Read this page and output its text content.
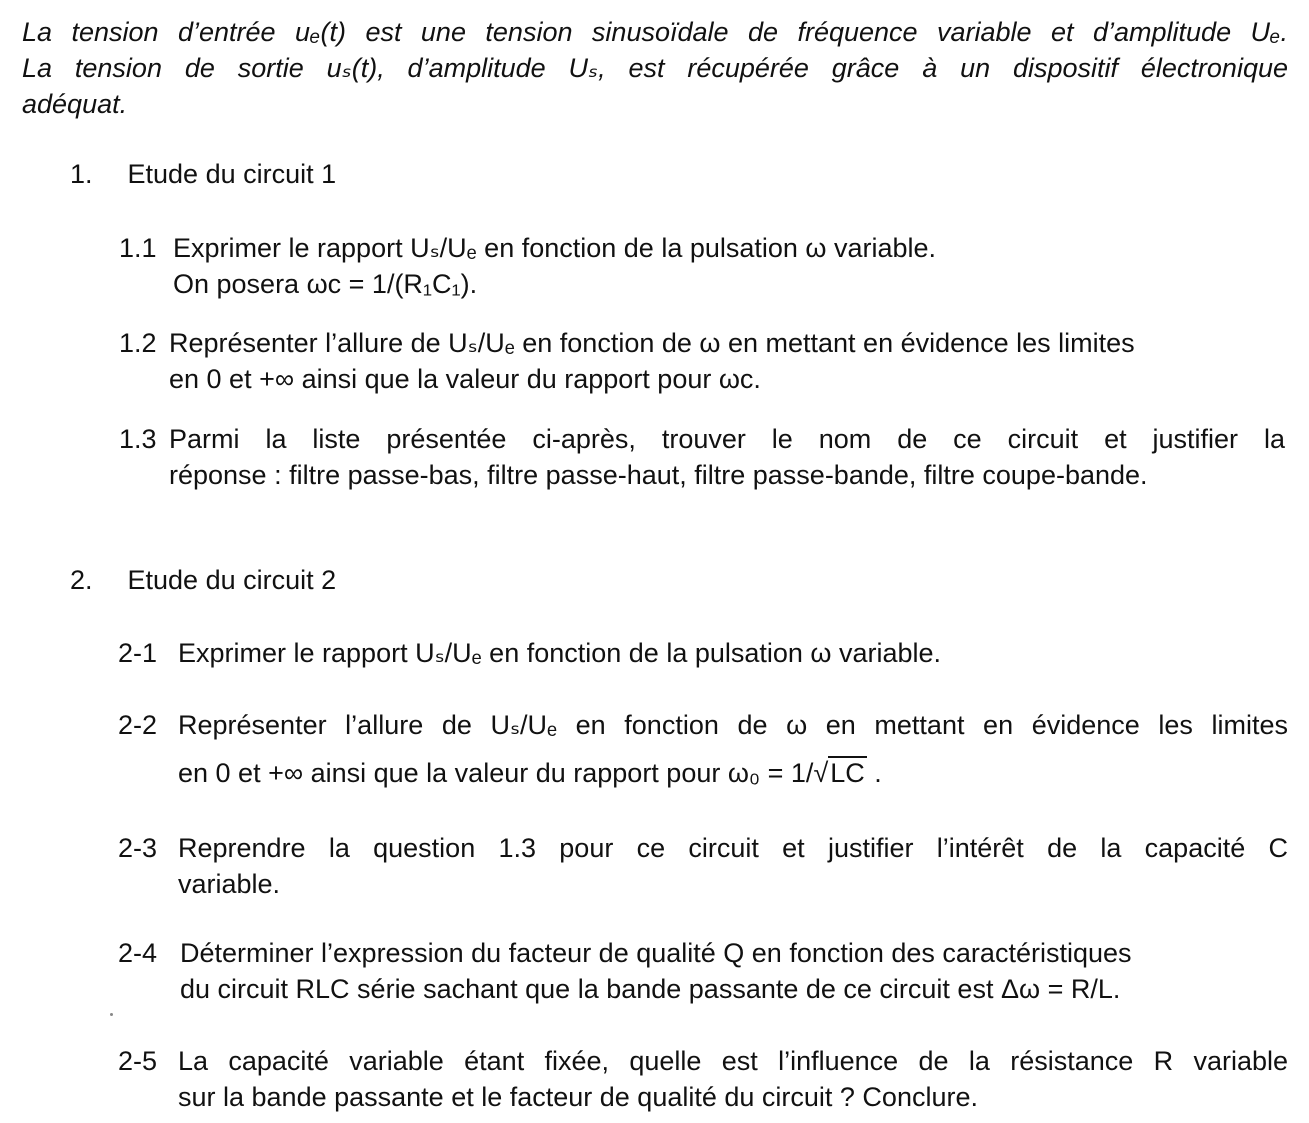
La tension d’entrée uₑ(t) est une tension sinusoïdale de fréquence variable et d’amplitude Uₑ.
La tension de sortie uₛ(t), d’amplitude Uₛ, est récupérée grâce à un dispositif électronique
adéquat.
1. Etude du circuit 1
1.1 Exprimer le rapport Uₛ/Uₑ en fonction de la pulsation ω variable.
On posera ωc = 1/(R₁C₁).
1.2 Représenter l’allure de Uₛ/Uₑ en fonction de ω en mettant en évidence les limites
en 0 et +∞ ainsi que la valeur du rapport pour ωc.
1.3 Parmi la liste présentée ci-après, trouver le nom de ce circuit et justifier la
réponse : filtre passe-bas, filtre passe-haut, filtre passe-bande, filtre coupe-bande.
2. Etude du circuit 2
2-1 Exprimer le rapport Uₛ/Uₑ en fonction de la pulsation ω variable.
2-2 Représenter l’allure de Uₛ/Uₑ en fonction de ω en mettant en évidence les limites
en 0 et +∞ ainsi que la valeur du rapport pour ω₀ = 1/√LC .
2-3 Reprendre la question 1.3 pour ce circuit et justifier l’intérêt de la capacité C
variable.
2-4 Déterminer l’expression du facteur de qualité Q en fonction des caractéristiques
du circuit RLC série sachant que la bande passante de ce circuit est Δω = R/L.
2-5 La capacité variable étant fixée, quelle est l’influence de la résistance R variable
sur la bande passante et le facteur de qualité du circuit ? Conclure.
